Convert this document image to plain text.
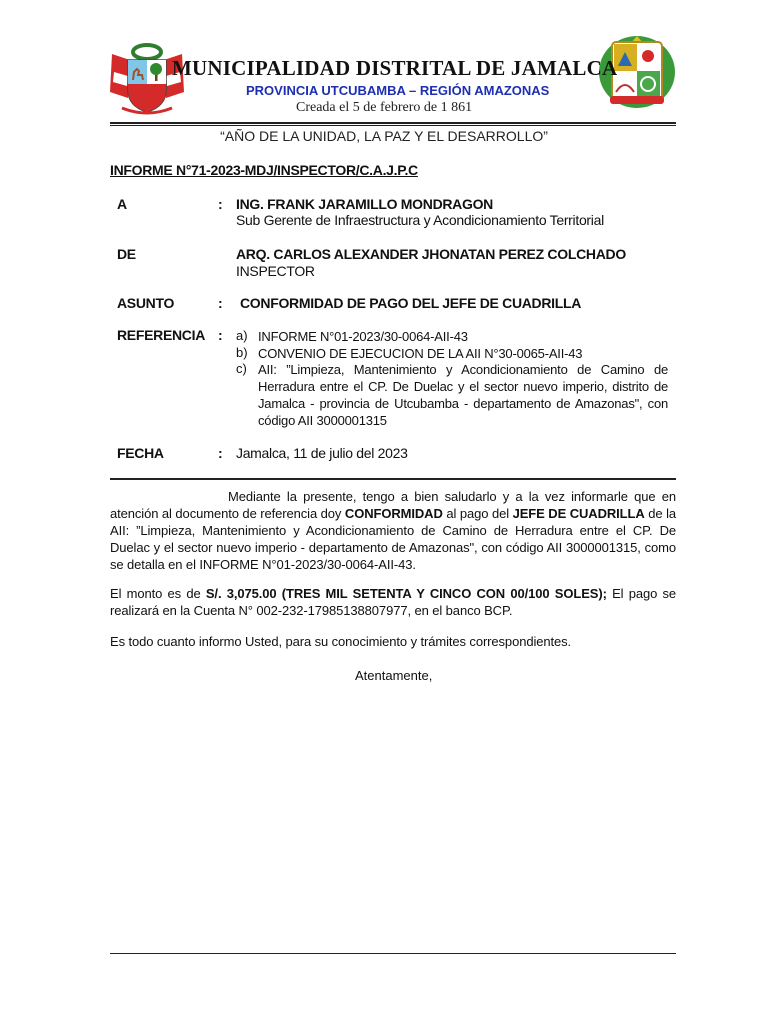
MUNICIPALIDAD DISTRITAL DE JAMALCA
PROVINCIA UTCUBAMBA – REGIÓN AMAZONAS
Creada el 5 de febrero de 1 861
“AÑO DE LA UNIDAD, LA PAZ Y EL DESARROLLO”
INFORME N°71-2023-MDJ/INSPECTOR/C.A.J.P.C
A	: ING. FRANK JARAMILLO MONDRAGON
Sub Gerente de Infraestructura y Acondicionamiento Territorial
DE	ARQ. CARLOS ALEXANDER JHONATAN PEREZ COLCHADO
INSPECTOR
ASUNTO	: CONFORMIDAD DE PAGO DEL JEFE DE CUADRILLA
REFERENCIA : a) INFORME N°01-2023/30-0064-AII-43
b) CONVENIO DE EJECUCION DE LA AII N°30-0065-AII-43
c) AII: ”Limpieza, Mantenimiento y Acondicionamiento de Camino de Herradura entre el CP. De Duelac y el sector nuevo imperio, distrito de Jamalca - provincia de Utcubamba - departamento de Amazonas", con código AII 3000001315
FECHA	: Jamalca, 11 de julio del 2023
Mediante la presente, tengo a bien saludarlo y a la vez informarle que en atención al documento de referencia doy CONFORMIDAD al pago del JEFE DE CUADRILLA de la AII: ”Limpieza, Mantenimiento y Acondicionamiento de Camino de Herradura entre el CP. De Duelac y el sector nuevo imperio - departamento de Amazonas", con código AII 3000001315, como se detalla en el INFORME N°01-2023/30-0064-AII-43.
El monto es de S/. 3,075.00 (TRES MIL SETENTA Y CINCO CON 00/100 SOLES); El pago se realizará en la Cuenta N° 002-232-17985138807977, en el banco BCP.
Es todo cuanto informo Usted, para su conocimiento y trámites correspondientes.
Atentamente,
